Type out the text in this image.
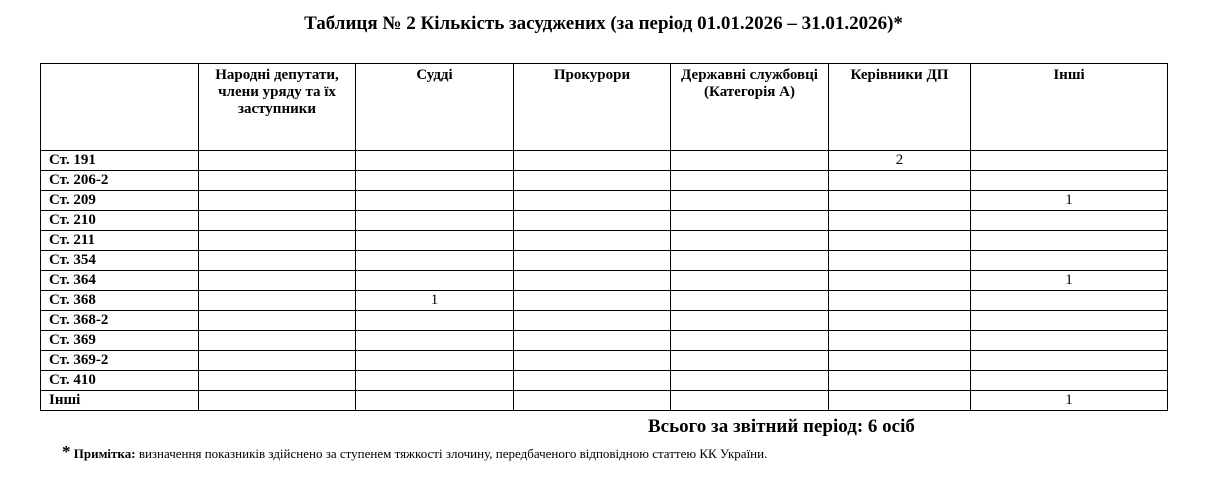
Таблиця № 2 Кількість засуджених (за період 01.01.2026 – 31.01.2026)*
	Народні депутати, члени уряду та їх заступники	Судді	Прокурори	Державні службовці (Категорія А)	Керівники ДП	Інші
Ст. 191					2	
Ст. 206-2						
Ст. 209						1
Ст. 210						
Ст. 211						
Ст. 354						
Ст. 364						1
Ст. 368		1				
Ст. 368-2						
Ст. 369						
Ст. 369-2						
Ст. 410						
Інші						1
Всього за звітний період: 6 осіб
* Примітка: визначення показників здійснено за ступенем тяжкості злочину, передбаченого відповідною статтею КК України.
